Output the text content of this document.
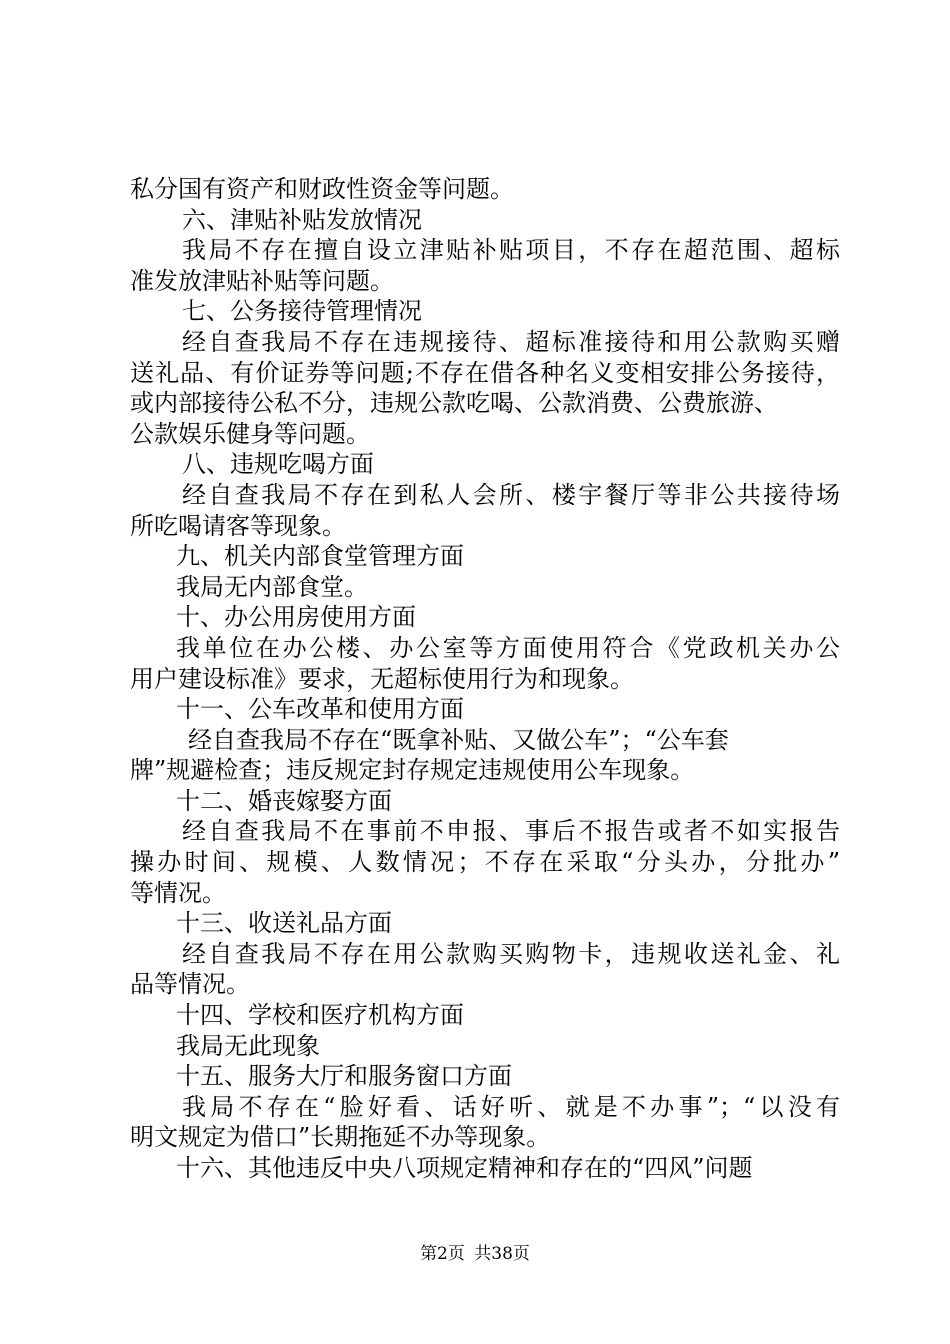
私分国有资产和财政性资金等问题。
六、津贴补贴发放情况
我局不存在擅自设立津贴补贴项目，不存在超范围、超标
准发放津贴补贴等问题。
七、公务接待管理情况
经自查我局不存在违规接待、超标准接待和用公款购买赠
送礼品、有价证券等问题;不存在借各种名义变相安排公务接待，
或内部接待公私不分，违规公款吃喝、公款消费、公费旅游、
公款娱乐健身等问题。
八、违规吃喝方面
经自查我局不存在到私人会所、楼宇餐厅等非公共接待场
所吃喝请客等现象。
九、机关内部食堂管理方面
我局无内部食堂。
十、办公用房使用方面
我单位在办公楼、办公室等方面使用符合《党政机关办公
用户建设标准》要求，无超标使用行为和现象。
十一、公车改革和使用方面
经自查我局不存在“既拿补贴、又做公车”；“公车套
牌”规避检查；违反规定封存规定违规使用公车现象。
十二、婚丧嫁娶方面
经自查我局不在事前不申报、事后不报告或者不如实报告
操办时间、规模、人数情况；不存在采取“分头办，分批办”
等情况。
十三、收送礼品方面
经自查我局不存在用公款购买购物卡，违规收送礼金、礼
品等情况。
十四、学校和医疗机构方面
我局无此现象
十五、服务大厅和服务窗口方面
我局不存在“脸好看、话好听、就是不办事”；“以没有
明文规定为借口”长期拖延不办等现象。
十六、其他违反中央八项规定精神和存在的“四风”问题
第2页 共38页
